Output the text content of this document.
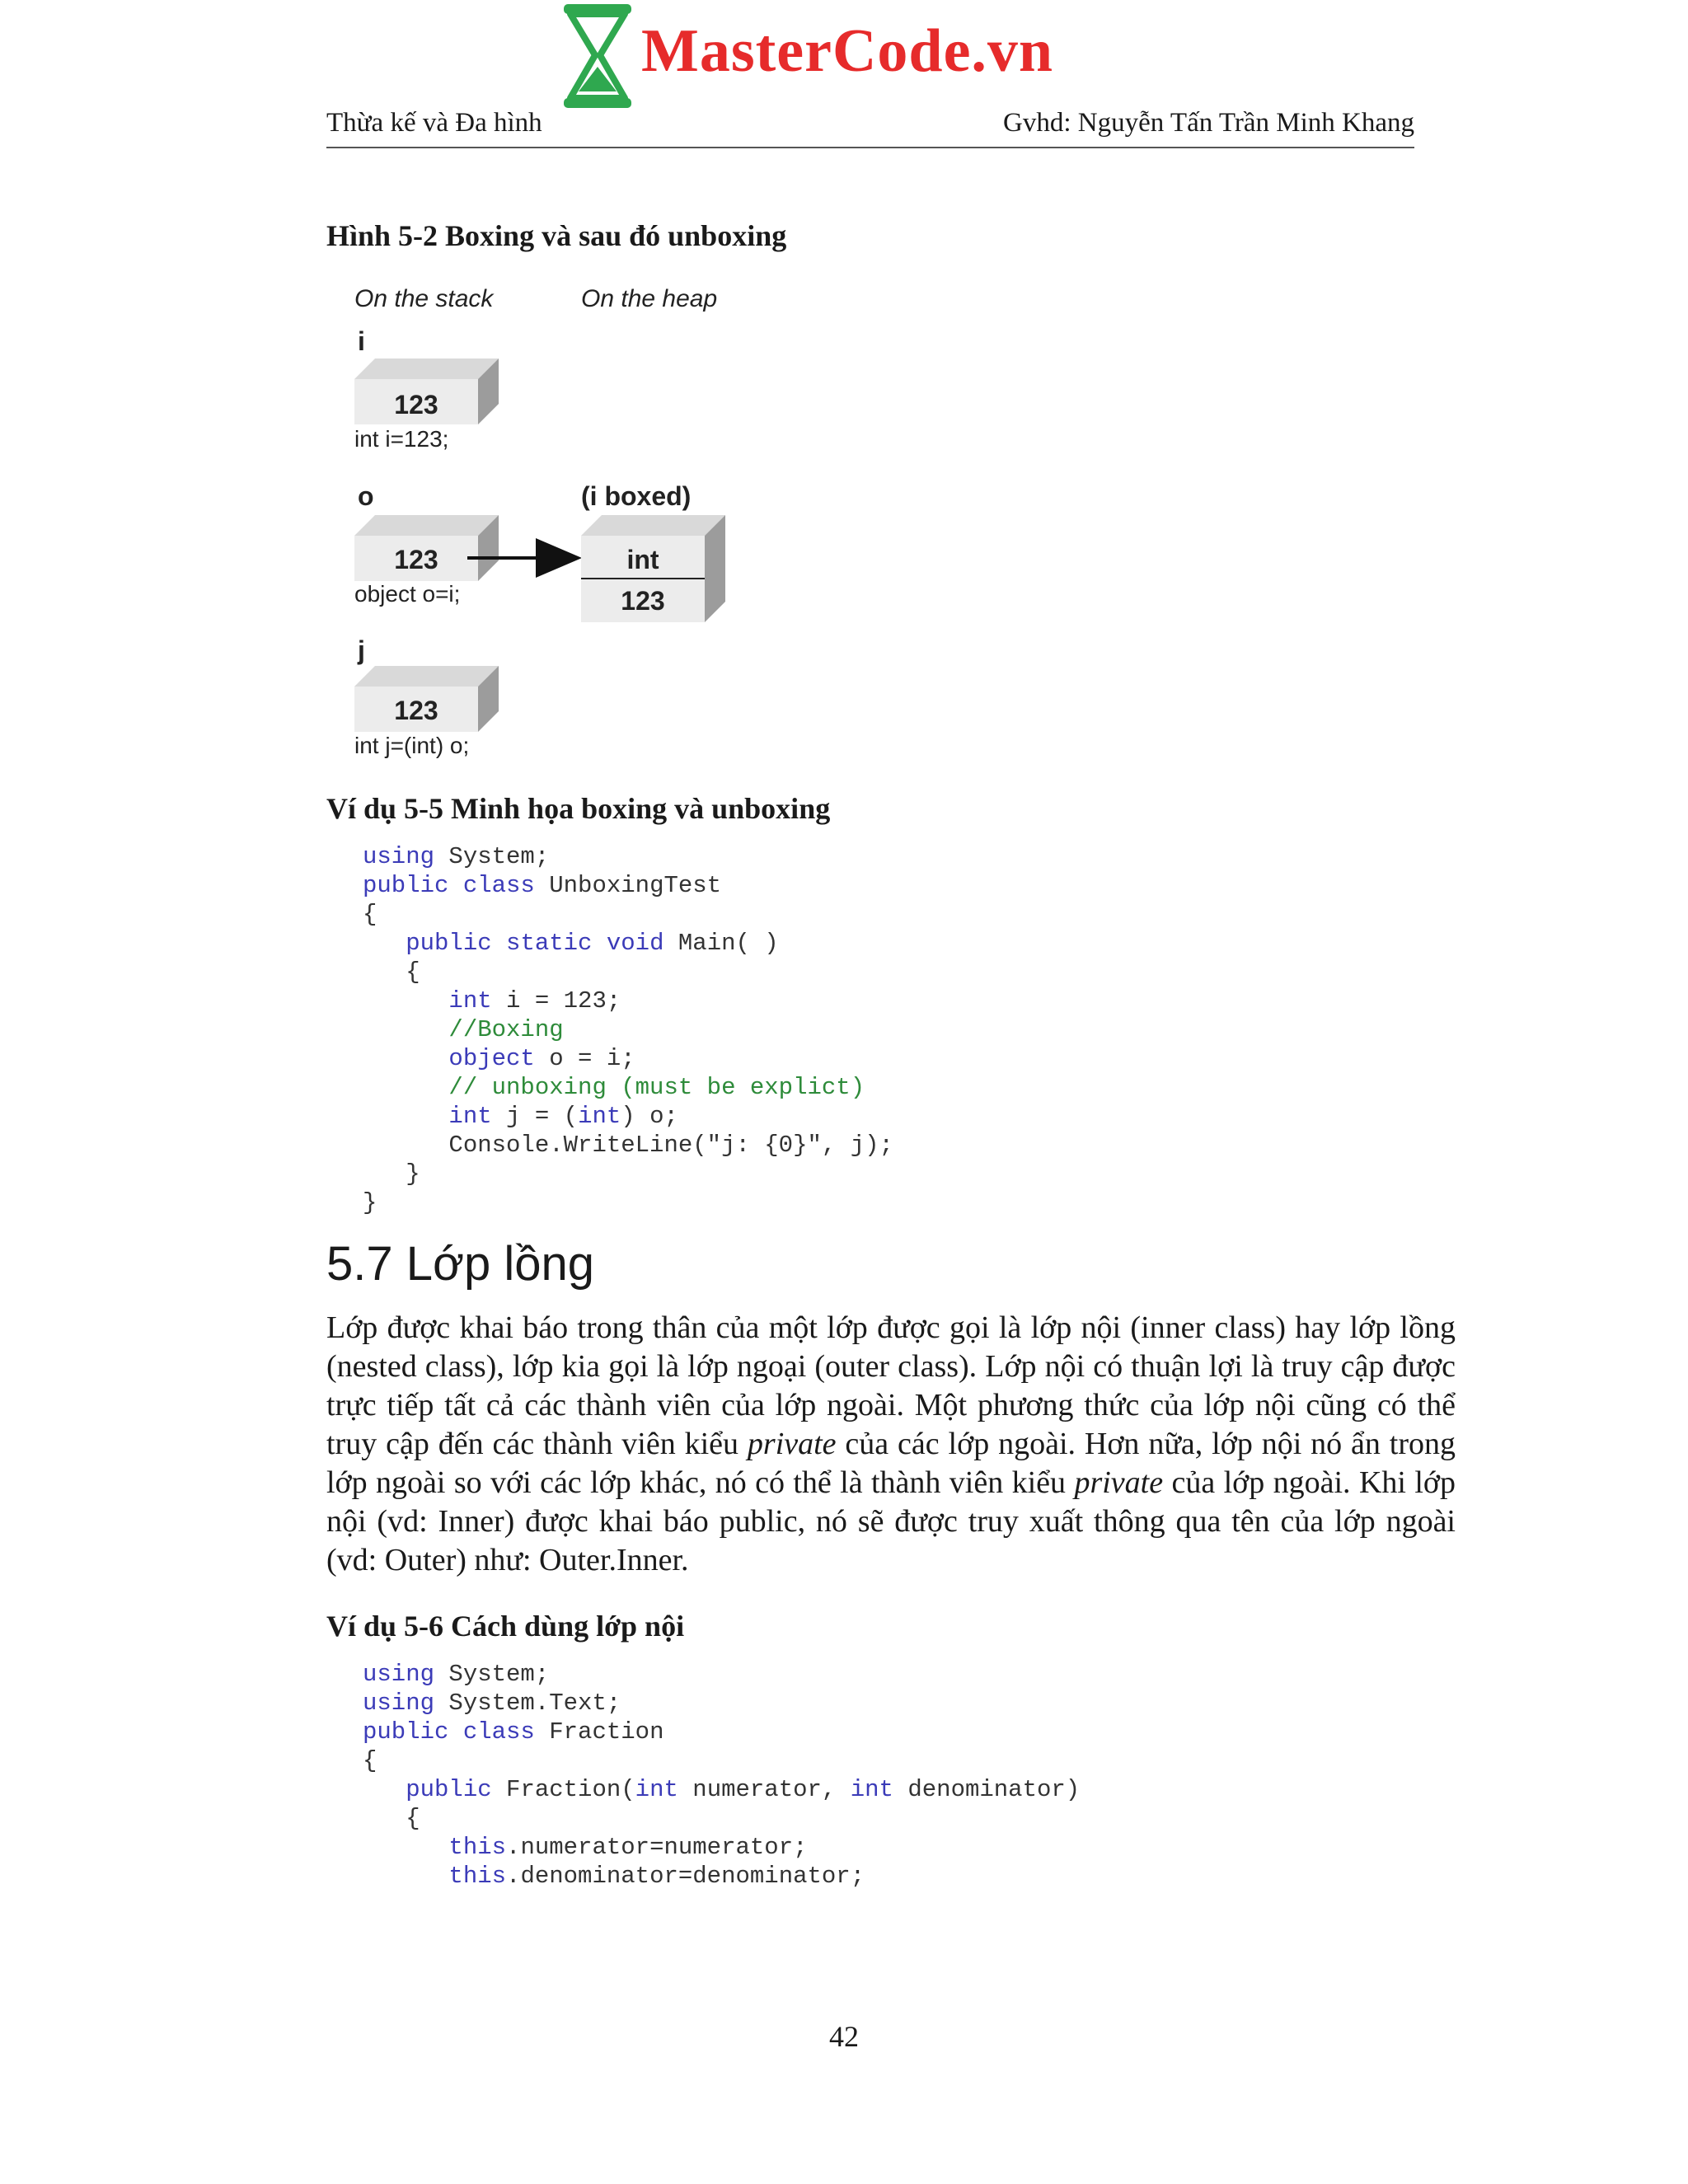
MasterCode.vn
Thừa kế và Đa hình	Gvhd: Nguyễn Tấn Trần Minh Khang
Hình 5-2 Boxing và sau đó unboxing
On the stack	On the heap
i
123
int i=123;
o
123
object o=i;
(i boxed)
int
123
j
123
int j=(int) o;
Ví dụ 5-5 Minh họa boxing và unboxing
using System;
public class UnboxingTest
{
public static void Main( )
{
int i = 123;
//Boxing
object o = i;
// unboxing (must be explict)
int j = (int) o;
Console.WriteLine("j: {0}", j);
}
}
5.7 Lớp lồng

Lớp được khai báo trong thân của một lớp được gọi là lớp nội (inner class) hay lớp lồng (nested class), lớp kia gọi là lớp ngoại (outer class). Lớp nội có thuận lợi là truy cập được trực tiếp tất cả các thành viên của lớp ngoài. Một phương thức của lớp nội cũng có thể truy cập đến các thành viên kiểu private của các lớp ngoài. Hơn nữa, lớp nội nó ẩn trong lớp ngoài so với các lớp khác, nó có thể là thành viên kiểu private của lớp ngoài. Khi lớp nội (vd: Inner) được khai báo public, nó sẽ được truy xuất thông qua tên của lớp ngoài (vd: Outer) như: Outer.Inner.

Ví dụ 5-6 Cách dùng lớp nội
using System;
using System.Text;
public class Fraction
{
public Fraction(int numerator, int denominator)
{
this.numerator=numerator;
this.denominator=denominator;
42
